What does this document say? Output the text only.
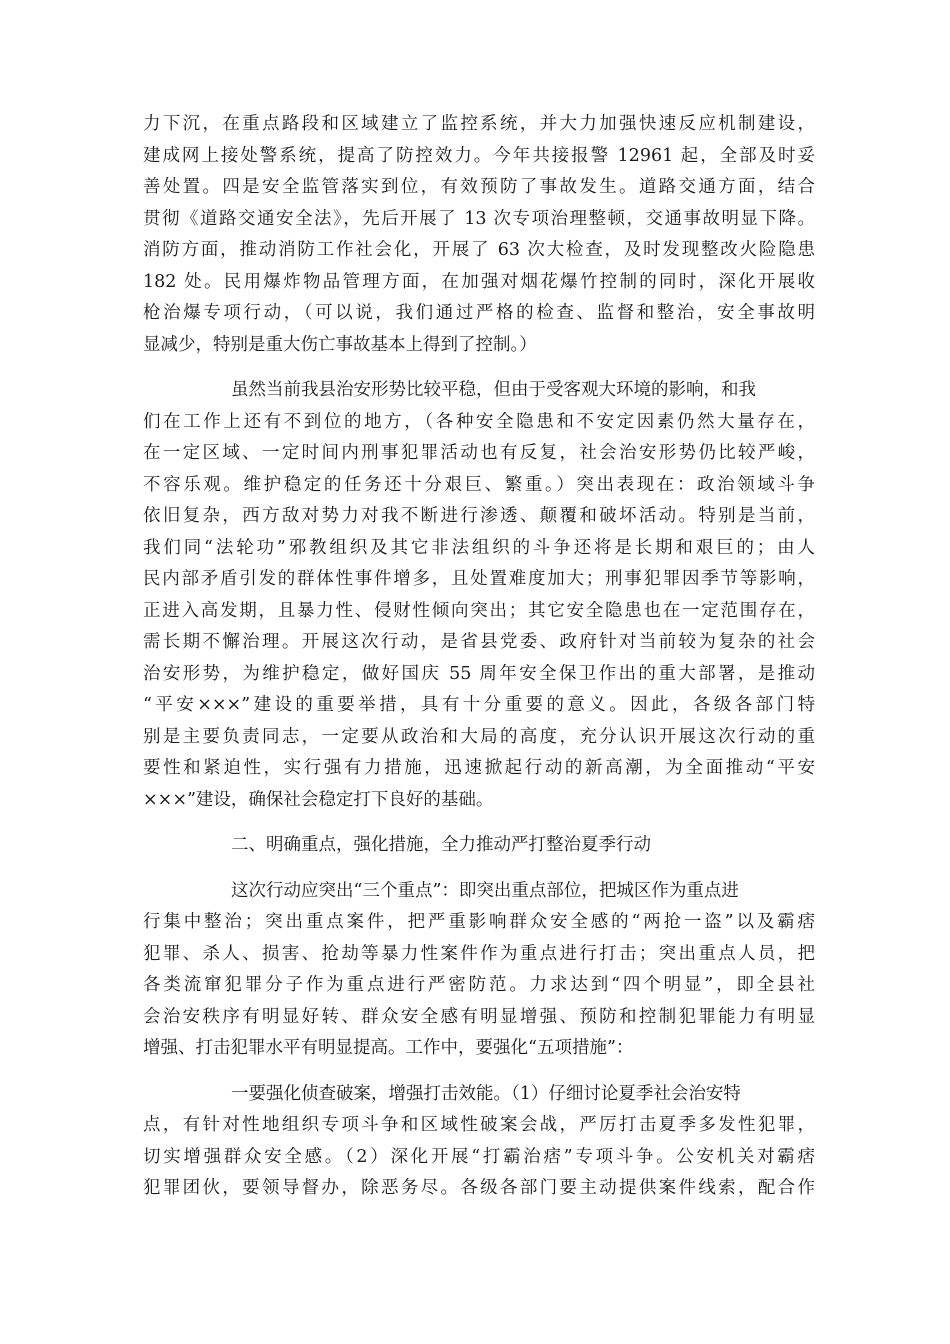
力下沉，在重点路段和区域建立了监控系统，并大力加强快速反应机制建设，
建成网上接处警系统，提高了防控效力。今年共接报警 12961 起，全部及时妥
善处置。四是安全监管落实到位，有效预防了事故发生。道路交通方面，结合
贯彻《道路交通安全法》，先后开展了 13 次专项治理整顿，交通事故明显下降。
消防方面，推动消防工作社会化，开展了 63 次大检查，及时发现整改火险隐患
182 处。民用爆炸物品管理方面，在加强对烟花爆竹控制的同时，深化开展收
枪治爆专项行动，（可以说，我们通过严格的检查、监督和整治，安全事故明
显减少，特别是重大伤亡事故基本上得到了控制。）
虽然当前我县治安形势比较平稳，但由于受客观大环境的影响，和我
们在工作上还有不到位的地方，（各种安全隐患和不安定因素仍然大量存在，
在一定区域、一定时间内刑事犯罪活动也有反复，社会治安形势仍比较严峻，
不容乐观。维护稳定的任务还十分艰巨、繁重。）突出表现在：政治领域斗争
依旧复杂，西方敌对势力对我不断进行渗透、颠覆和破坏活动。特别是当前，
我们同“法轮功”邪教组织及其它非法组织的斗争还将是长期和艰巨的；由人
民内部矛盾引发的群体性事件增多，且处置难度加大；刑事犯罪因季节等影响，
正进入高发期，且暴力性、侵财性倾向突出；其它安全隐患也在一定范围存在，
需长期不懈治理。开展这次行动，是省县党委、政府针对当前较为复杂的社会
治安形势，为维护稳定，做好国庆 55 周年安全保卫作出的重大部署，是推动
“平安×××”建设的重要举措，具有十分重要的意义。因此，各级各部门特
别是主要负责同志，一定要从政治和大局的高度，充分认识开展这次行动的重
要性和紧迫性，实行强有力措施，迅速掀起行动的新高潮，为全面推动“平安
×××”建设，确保社会稳定打下良好的基础。
二、明确重点，强化措施，全力推动严打整治夏季行动
这次行动应突出“三个重点”：即突出重点部位，把城区作为重点进
行集中整治；突出重点案件，把严重影响群众安全感的“两抢一盗”以及霸痞
犯罪、杀人、损害、抢劫等暴力性案件作为重点进行打击；突出重点人员，把
各类流窜犯罪分子作为重点进行严密防范。力求达到“四个明显”，即全县社
会治安秩序有明显好转、群众安全感有明显增强、预防和控制犯罪能力有明显
增强、打击犯罪水平有明显提高。工作中，要强化“五项措施”：
一要强化侦查破案，增强打击效能。（1）仔细讨论夏季社会治安特
点，有针对性地组织专项斗争和区域性破案会战，严厉打击夏季多发性犯罪，
切实增强群众安全感。（2）深化开展“打霸治痞”专项斗争。公安机关对霸痞
犯罪团伙，要领导督办，除恶务尽。各级各部门要主动提供案件线索，配合作
